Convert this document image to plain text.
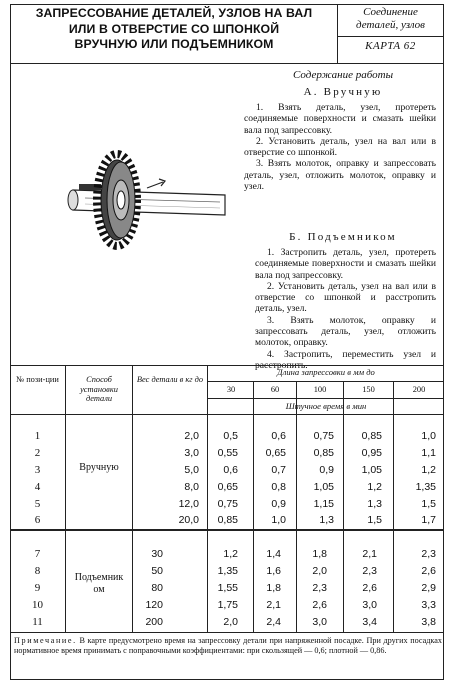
ЗАПРЕССОВАНИЕ ДЕТАЛЕЙ, УЗЛОВ НА ВАЛ
ИЛИ В ОТВЕРСТИЕ СО ШПОНКОЙ
ВРУЧНУЮ ИЛИ ПОДЪЕМНИКОМ
Соединение
деталей, узлов
КАРТА 62
Содержание работы
А. Вручную

1. Взять деталь, узел, протереть соединяемые поверхности и смазать шейки вала под запрессовку.

2. Установить деталь, узел на вал или в отверстие со шпонкой.

3. Взять молоток, оправку и запрессовать деталь, узел, отложить молоток, оправку и узел.

Б. Подъемником

1. Застропить деталь, узел, протереть соединяемые поверхности и смазать шейки вала под запрессовку.

2. Установить деталь, узел на вал или в отверстие со шпонкой и расстропить деталь, узел.

3. Взять молоток, оправку и запрессовать деталь, узел, отложить молоток, оправку.

4. Застропить, переместить узел и

№ пози-ции	Способ установки детали
Вес детали в кг до
Длина запрессовки в мм до
30	60	100	150	200
Штучное время в мин
Вручную
1	2,0	0,5	0,6	0,75	0,85	1,0
2	3,0	0,55	0,65	0,85	0,95	1,1
3	5,0	0,6	0,7	0,9	1,05	1,2
4	8,0	0,65	0,8	1,05	1,2	1,35
5	12,0	0,75	0,9	1,15	1,3	1,5
6	20,0	0,85	1,0	1,3	1,5	1,7
Подъемником
7	30	1,2	1,4	1,8	2,1	2,3
8	50	1,35	1,6	2,0	2,3	2,6
9	80	1,55	1,8	2,3	2,6	2,9
10	120	1,75	2,1	2,6	3,0	3,3
11	200	2,0	2,4	3,0	3,4	3,8
Примечание. В карте предусмотрено время на запрессовку детали при напряженной посадке. При других посадках нормативное время принимать с поправочными коэффициентами: при скользящей — 0,6; плотной — 0,86.
